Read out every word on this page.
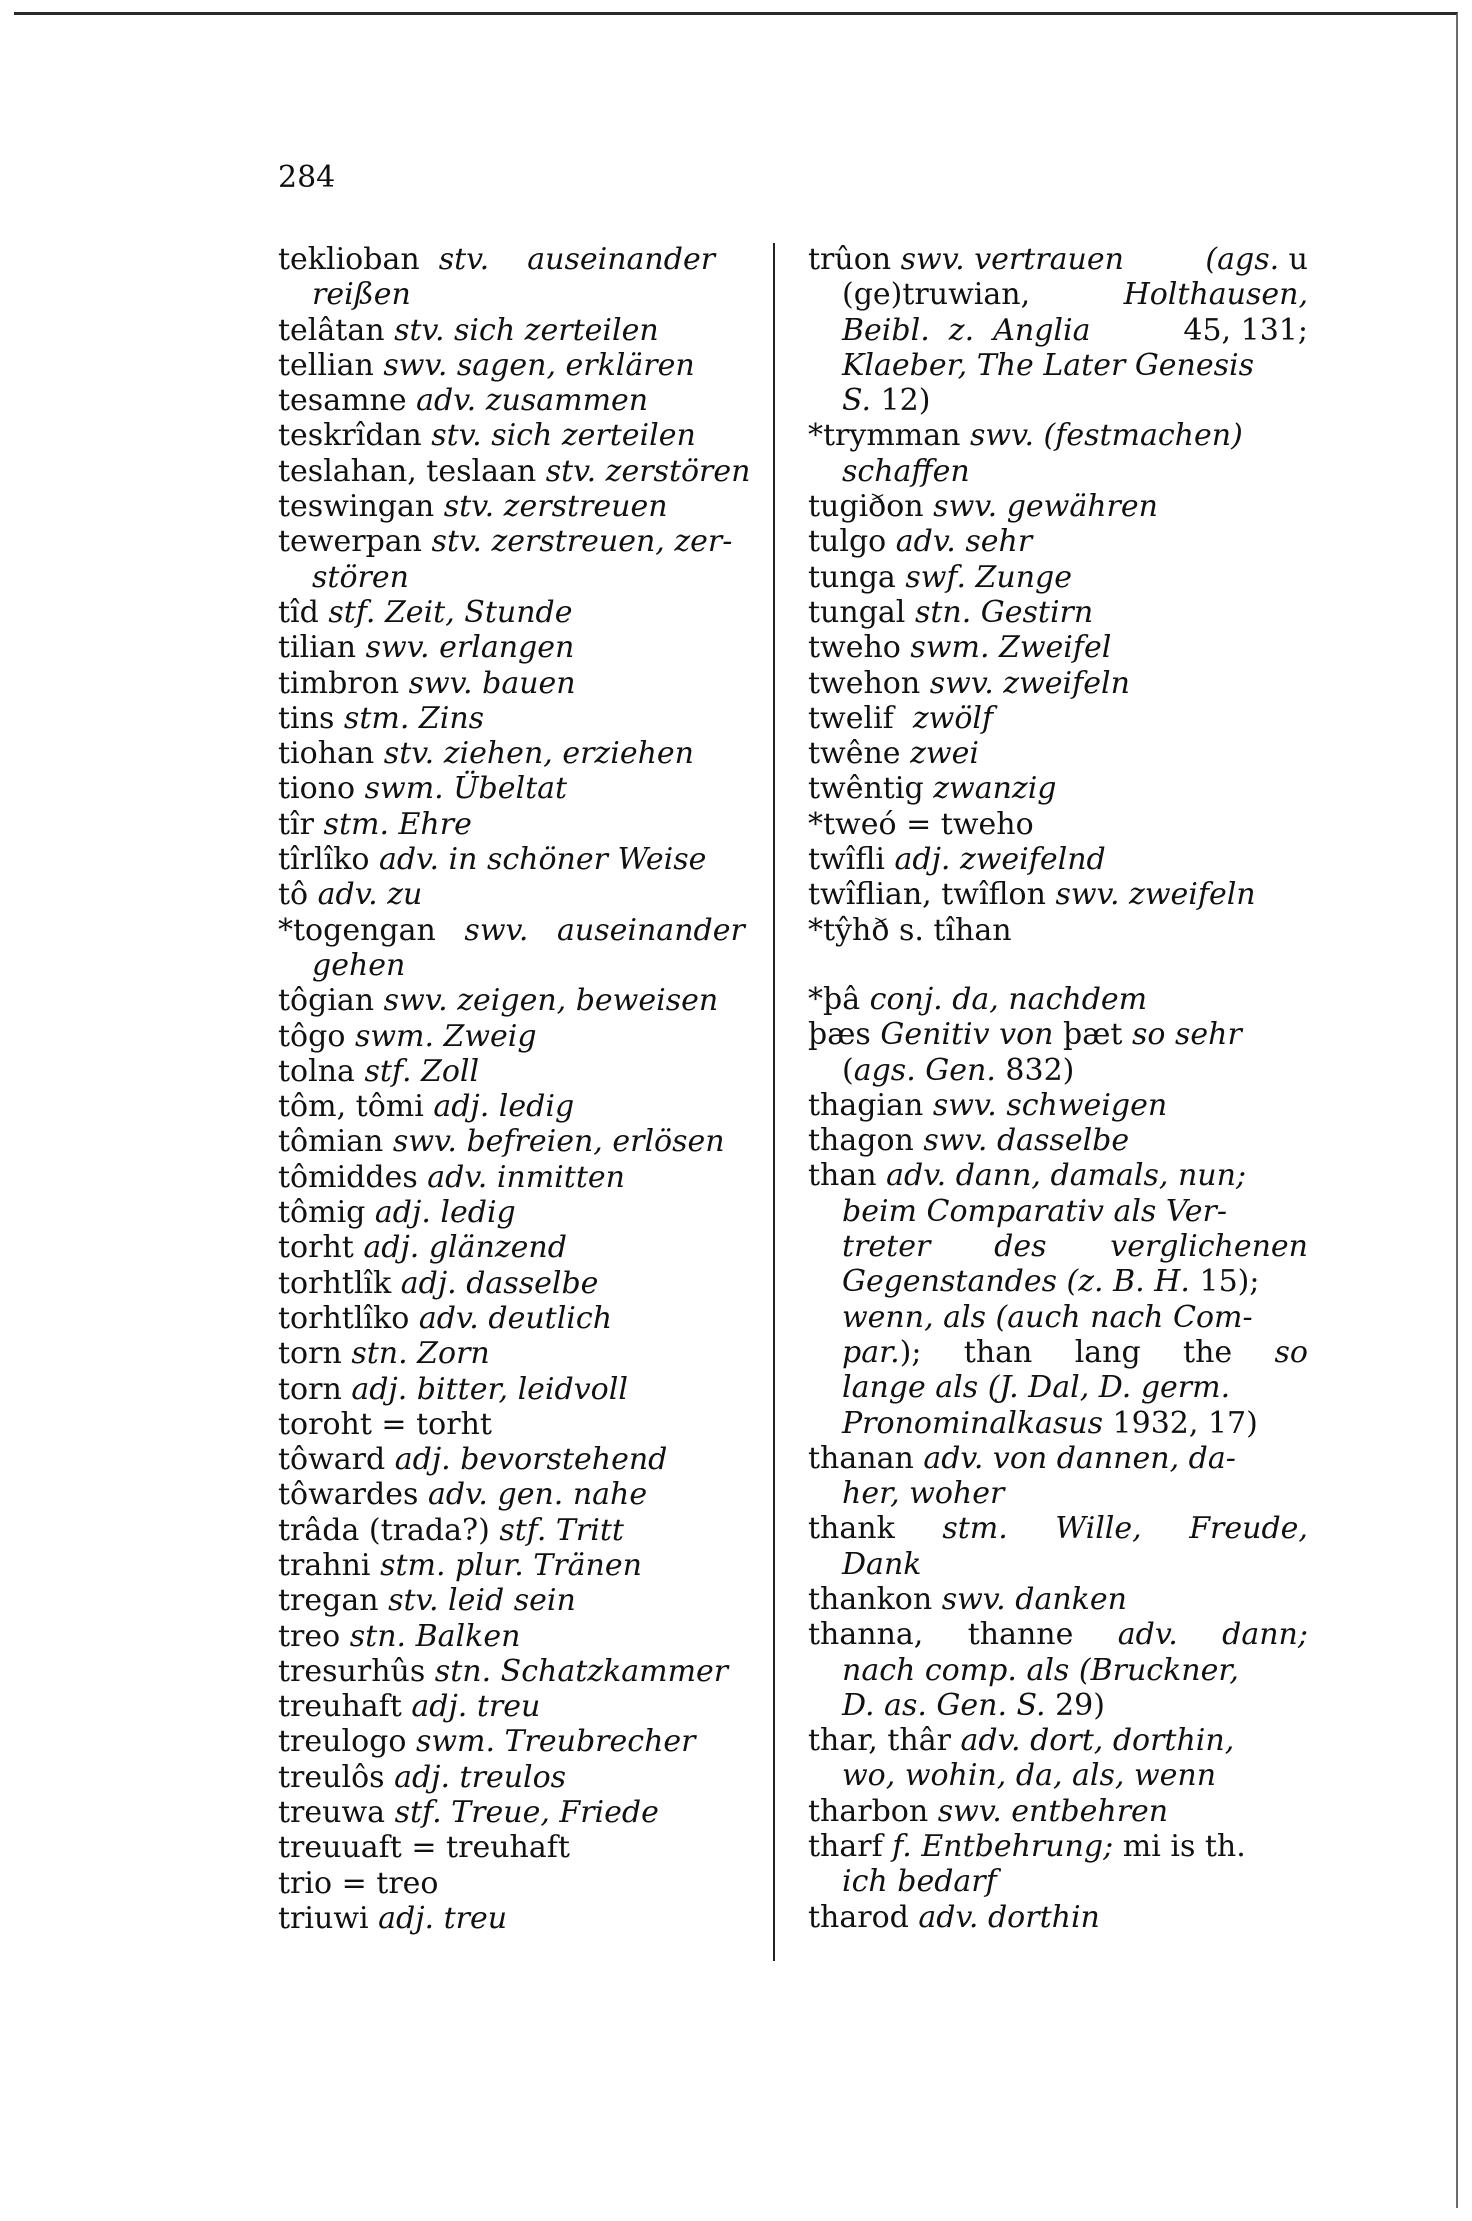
284
teklioban stv.    auseinander
reißen
telâtan stv. sich zerteilen
tellian swv. sagen, erklären
tesamne adv. zusammen
teskrîdan stv. sich zerteilen
teslahan, teslaan stv. zerstören
teswingan stv. zerstreuen
tewerpan stv. zerstreuen, zer-
stören
tîd stf. Zeit, Stunde
tilian swv. erlangen
timbron swv. bauen
tins stm. Zins
tiohan stv. ziehen, erziehen
tiono swm. Übeltat
tîr stm. Ehre
tîrlîko adv. in schöner Weise
tô adv. zu
*togengan swv.   auseinander
gehen
tôgian swv. zeigen, beweisen
tôgo swm. Zweig
tolna stf. Zoll
tôm, tômi adj. ledig
tômian swv. befreien, erlösen
tômiddes adv. inmitten
tômig adj. ledig
torht adj. glänzend
torhtlîk adj. dasselbe
torhtlîko adv. deutlich
torn stn. Zorn
torn adj. bitter, leidvoll
toroht = torht
tôward adj. bevorstehend
tôwardes adv. gen. nahe
trâda (trada?) stf. Tritt
trahni stm. plur. Tränen
tregan stv. leid sein
treo stn. Balken
tresurhûs stn. Schatzkammer
treuhaft adj. treu
treulogo swm. Treubrecher
treulôs adj. treulos
treuwa stf. Treue, Friede
treuuaft = treuhaft
trio = treo
triuwi adj. treu
trûon swv. vertrauen	(ags. u
(ge)truwian,	Holthausen,
Beibl.  z.  Anglia	45, 131;
Klaeber, The Later Genesis
S. 12)
*trymman swv. (festmachen)
schaffen
tugiðon swv. gewähren
tulgo adv. sehr
tunga swf. Zunge
tungal stn. Gestirn
tweho swm. Zweifel
twehon swv. zweifeln
twelif zwölf
twêne zwei
twêntig zwanzig
*tweó = tweho
twîfli adj. zweifelnd
twîflian, twîflon swv. zweifeln
*tŷhð s. tîhan
*þâ conj. da, nachdem
þæs Genitiv von þæt so sehr
(ags. Gen. 832)
thagian swv. schweigen
thagon swv. dasselbe
than adv. dann, damals, nun;
beim Comparativ als Ver-
treter des verglichenen
Gegenstandes (z. B. H. 15);
wenn, als (auch nach Com-
par.); than lang the so
lange als (J. Dal, D. germ.
Pronominalkasus 1932, 17)
thanan adv. von dannen, da-
her, woher
thank stm. Wille, Freude,
Dank
thankon swv. danken
thanna, thanne adv. dann;
nach comp. als (Bruckner,
D. as. Gen. S. 29)
thar, thâr adv. dort, dorthin,
wo, wohin, da, als, wenn
tharbon swv. entbehren
tharf f. Entbehrung; mi is th.
ich bedarf
tharod adv. dorthin
